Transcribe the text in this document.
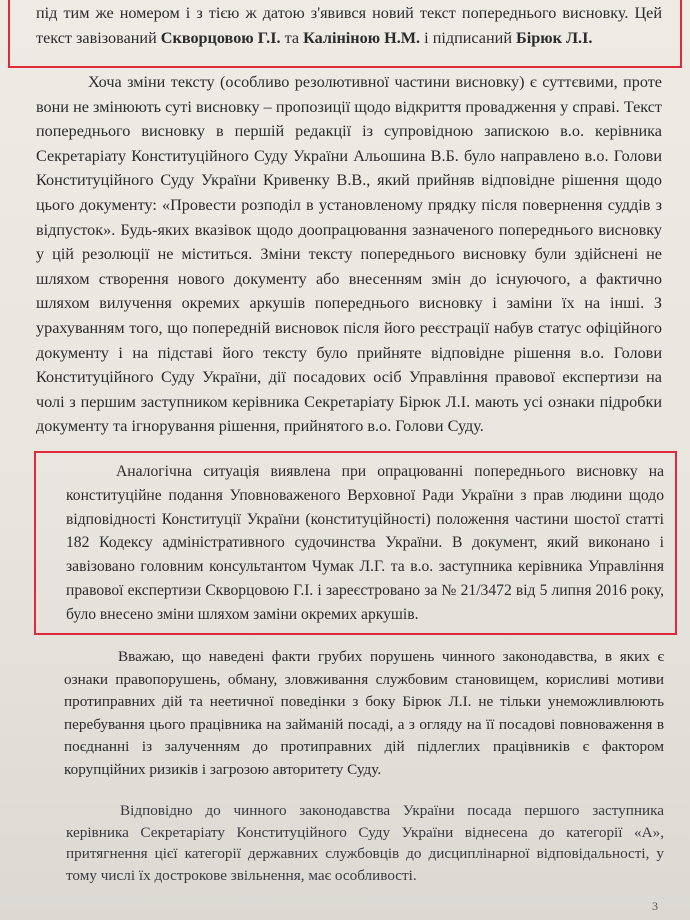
під тим же номером і з тією ж датою з'явився новий текст попереднього висновку. Цей текст завізований Скворцовою Г.І. та Калініною Н.М. і підписаний Бірюк Л.І.

Хоча зміни тексту (особливо резолютивної частини висновку) є суттєвими, проте вони не змінюють суті висновку – пропозиції щодо відкриття провадження у справі. Текст попереднього висновку в першій редакції із супровідною запискою в.о. керівника Секретаріату Конституційного Суду України Альошина В.Б. було направлено в.о. Голови Конституційного Суду України Кривенку В.В., який прийняв відповідне рішення щодо цього документу: «Провести розподіл в установленому прядку після повернення суддів з відпусток». Будь-яких вказівок щодо доопрацювання зазначеного попереднього висновку у цій резолюції не міститься. Зміни тексту попереднього висновку були здійснені не шляхом створення нового документу або внесенням змін до існуючого, а фактично шляхом вилучення окремих аркушів попереднього висновку і заміни їх на інші. З урахуванням того, що попередній висновок після його реєстрації набув статус офіційного документу і на підставі його тексту було прийняте відповідне рішення в.о. Голови Конституційного Суду України, дії посадових осіб Управління правової експертизи на чолі з першим заступником керівника Секретаріату Бірюк Л.І. мають усі ознаки підробки документу та ігнорування рішення, прийнятого в.о. Голови Суду.

Аналогічна ситуація виявлена при опрацюванні попереднього висновку на конституційне подання Уповноваженого Верховної Ради України з прав людини щодо відповідності Конституції України (конституційності) положення частини шостої статті 182 Кодексу адміністративного судочинства України. В документ, який виконано і завізовано головним консультантом Чумак Л.Г. та в.о. заступника керівника Управління правової експертизи Скворцовою Г.І. і зареєстровано за № 21/3472 від 5 липня 2016 року, було внесено зміни шляхом заміни окремих аркушів.

Вважаю, що наведені факти грубих порушень чинного законодавства, в яких є ознаки правопорушень, обману, зловживання службовим становищем, корисливі мотиви протиправних дій та неетичної поведінки з боку Бірюк Л.І. не тільки унеможливлюють перебування цього працівника на займаній посаді, а з огляду на її посадові повноваження в поєднанні із залученням до протиправних дій підлеглих працівників є фактором корупційних ризиків і загрозою авторитету Суду.

Відповідно до чинного законодавства України посада першого заступника керівника Секретаріату Конституційного Суду України віднесена до категорії «А», притягнення цієї категорії державних службовців до дисциплінарної відповідальності, у тому числі їх дострокове звільнення, має особливості.

3
